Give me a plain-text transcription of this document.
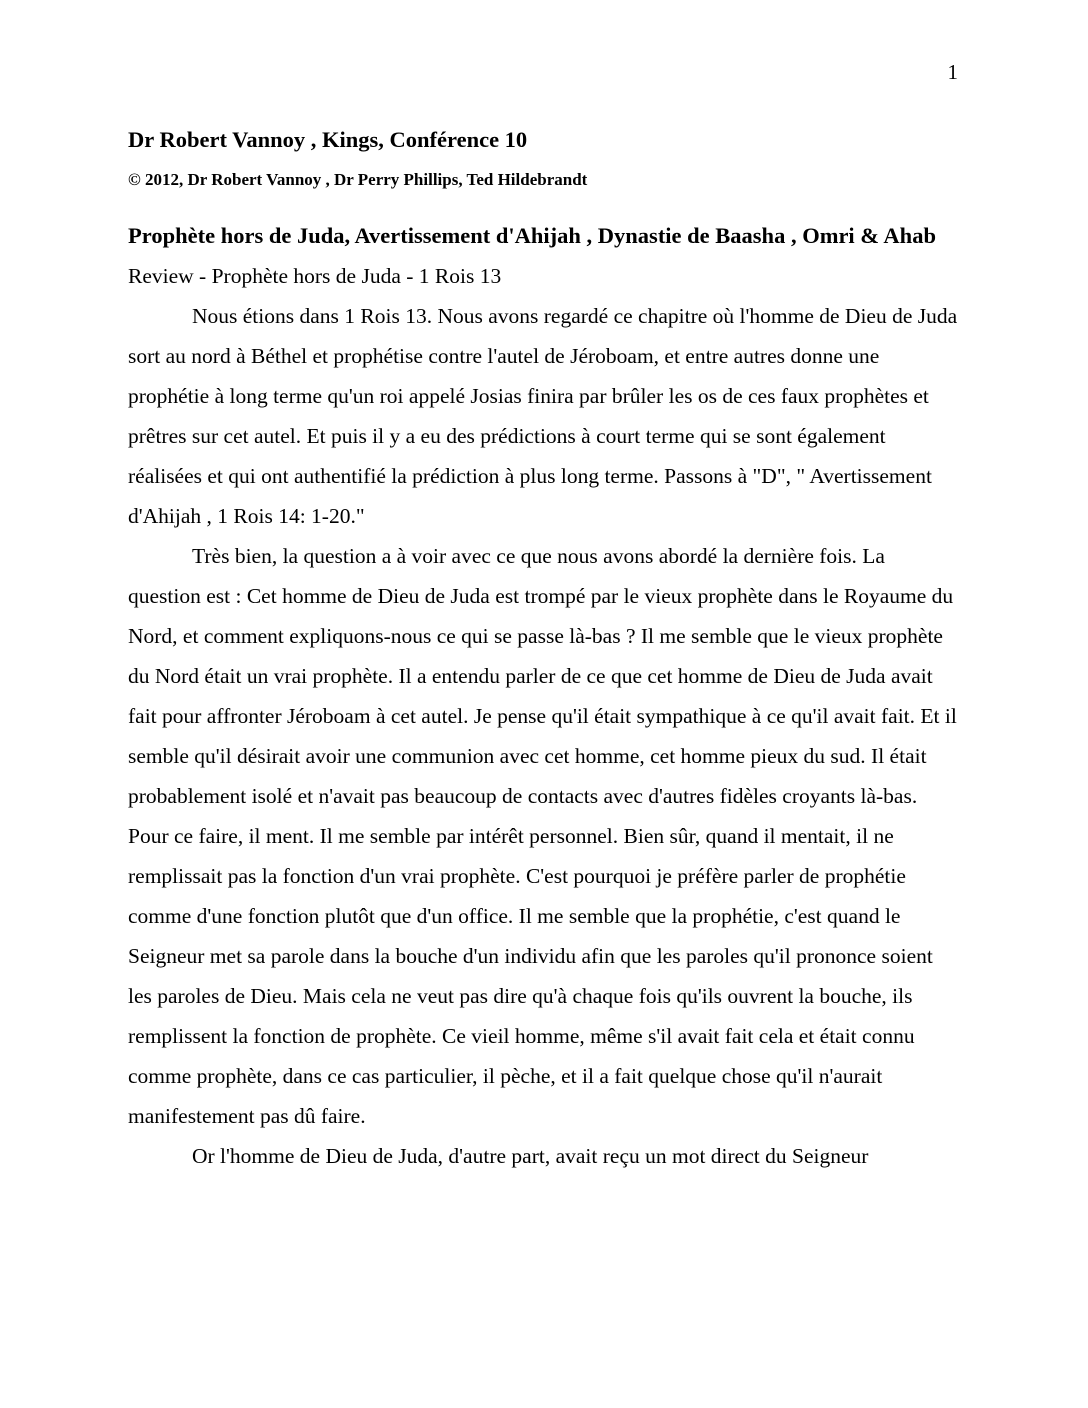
1
Dr Robert Vannoy , Kings, Conférence 10
© 2012, Dr Robert Vannoy , Dr Perry Phillips, Ted Hildebrandt
Prophète hors de Juda, Avertissement d'Ahijah , Dynastie de Baasha , Omri & Ahab
Review - Prophète hors de Juda - 1 Rois 13

Nous étions dans 1 Rois 13. Nous avons regardé ce chapitre où l'homme de Dieu de Juda sort au nord à Béthel et prophétise contre l'autel de Jéroboam, et entre autres donne une prophétie à long terme qu'un roi appelé Josias finira par brûler les os de ces faux prophètes et prêtres sur cet autel. Et puis il y a eu des prédictions à court terme qui se sont également réalisées et qui ont authentifié la prédiction à plus long terme. Passons à "D", " Avertissement d'Ahijah , 1 Rois 14: 1-20."

Très bien, la question a à voir avec ce que nous avons abordé la dernière fois. La question est : Cet homme de Dieu de Juda est trompé par le vieux prophète dans le Royaume du Nord, et comment expliquons-nous ce qui se passe là-bas ? Il me semble que le vieux prophète du Nord était un vrai prophète. Il a entendu parler de ce que cet homme de Dieu de Juda avait fait pour affronter Jéroboam à cet autel. Je pense qu'il était sympathique à ce qu'il avait fait. Et il semble qu'il désirait avoir une communion avec cet homme, cet homme pieux du sud. Il était probablement isolé et n'avait pas beaucoup de contacts avec d'autres fidèles croyants là-bas. Pour ce faire, il ment. Il me semble par intérêt personnel. Bien sûr, quand il mentait, il ne remplissait pas la fonction d'un vrai prophète. C'est pourquoi je préfère parler de prophétie comme d'une fonction plutôt que d'un office. Il me semble que la prophétie, c'est quand le Seigneur met sa parole dans la bouche d'un individu afin que les paroles qu'il prononce soient les paroles de Dieu. Mais cela ne veut pas dire qu'à chaque fois qu'ils ouvrent la bouche, ils remplissent la fonction de prophète. Ce vieil homme, même s'il avait fait cela et était connu comme prophète, dans ce cas particulier, il pèche, et il a fait quelque chose qu'il n'aurait manifestement pas dû faire.

Or l'homme de Dieu de Juda, d'autre part, avait reçu un mot direct du Seigneur
